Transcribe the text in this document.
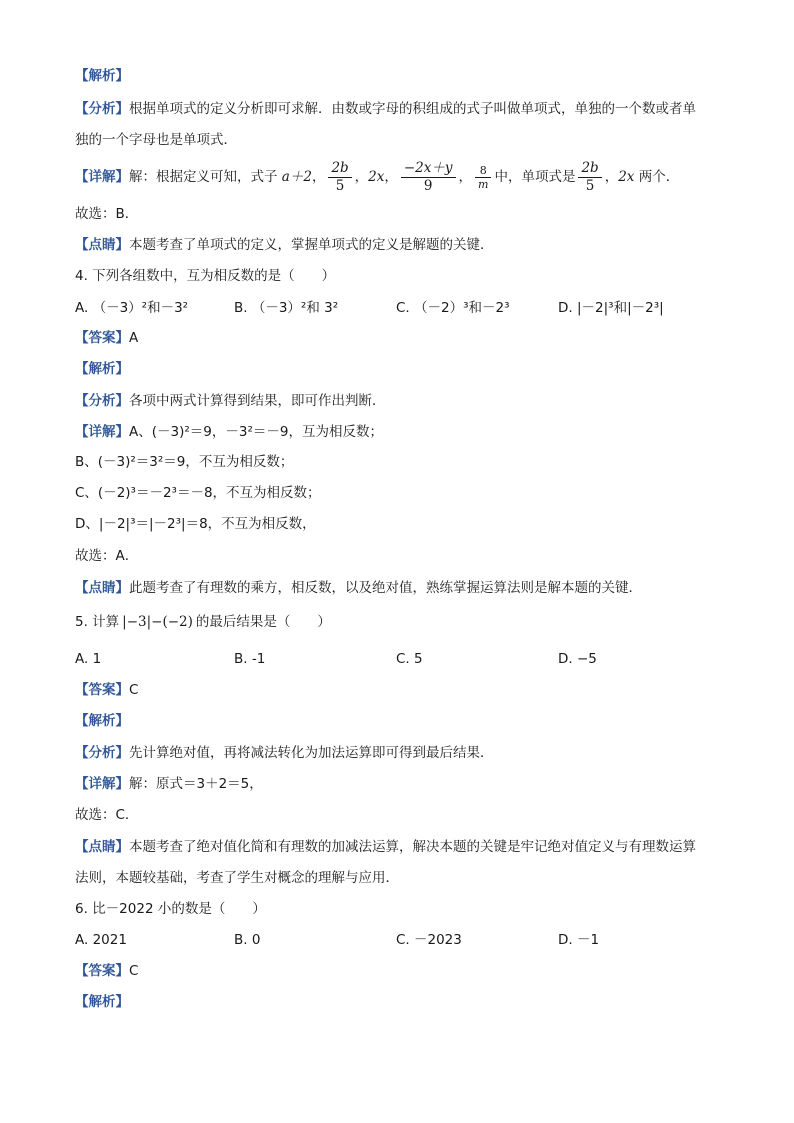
【解析】
【分析】根据单项式的定义分析即可求解．由数或字母的积组成的式子叫做单项式，单独的一个数或者单
独的一个字母也是单项式．
【详解】解：根据定义可知，式子 a＋2， $\frac{2b}{5}$ ，2x， $\frac{-2x+y}{9}$ ， $\frac{8}{m}$ 中，单项式是 $\frac{2b}{5}$ ，2x 两个．
故选：B．
【点睛】本题考查了单项式的定义，掌握单项式的定义是解题的关键．
4. 下列各组数中，互为相反数的是（　　）
A. （－3）²和－3²	B. （－3）²和 3²	C. （－2）³和－2³	D. |－2|³和|－2³|
【答案】A
【解析】
【分析】各项中两式计算得到结果，即可作出判断．
【详解】A、(－3)²＝9，－3²＝－9，互为相反数；
B、(－3)²＝3²＝9，不互为相反数；
C、(－2)³＝－2³＝－8，不互为相反数；
D、|－2|³＝|－2³|＝8，不互为相反数，
故选：A．
【点睛】此题考查了有理数的乘方，相反数，以及绝对值，熟练掌握运算法则是解本题的关键．
5. 计算 |−3|−(−2) 的最后结果是（　　）
A. 1	B. -1	C. 5	D. −5
【答案】C
【解析】
【分析】先计算绝对值，再将减法转化为加法运算即可得到最后结果．
【详解】解：原式＝3＋2＝5，
故选：C．
【点睛】本题考查了绝对值化简和有理数的加减法运算，解决本题的关键是牢记绝对值定义与有理数运算
法则，本题较基础，考查了学生对概念的理解与应用．
6. 比－2022 小的数是（　　）
A. 2021	B. 0	C. －2023	D. －1
【答案】C
【解析】
